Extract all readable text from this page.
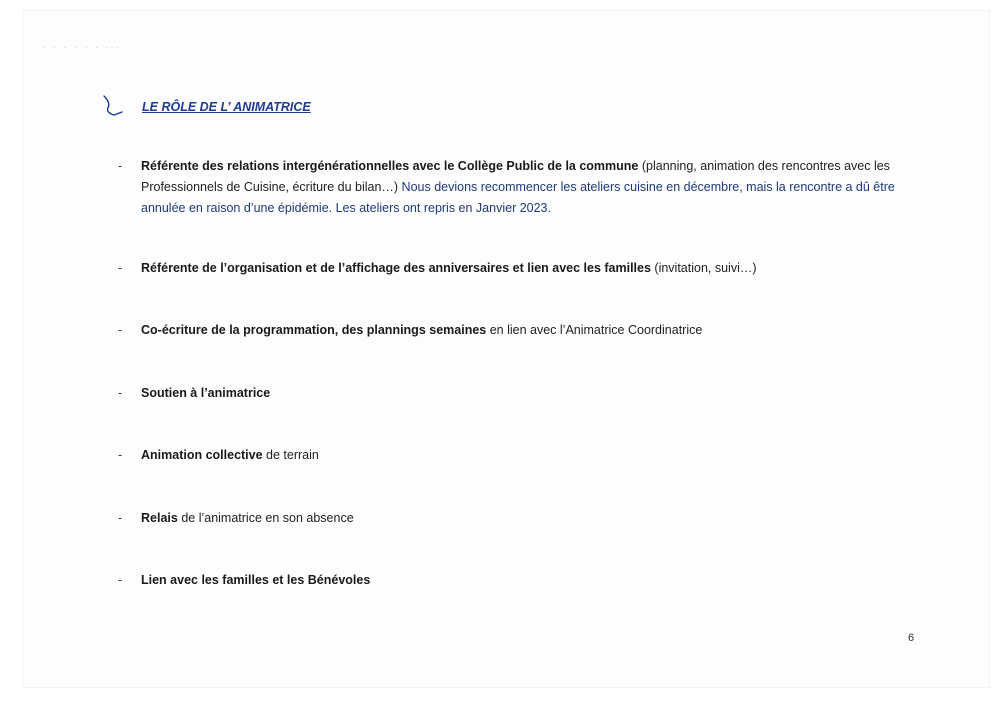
. . . . . . . .
LE RÔLE DE L’ ANIMATRICE
-	Référente des relations intergénérationnelles avec le Collège Public de la commune (planning, animation des rencontres avec les Professionnels de Cuisine, écriture du bilan…) Nous devions recommencer les ateliers cuisine en décembre, mais la rencontre a dû être annulée en raison d’une épidémie. Les ateliers ont repris en Janvier 2023.
-	Référente de l’organisation et de l’affichage des anniversaires et lien avec les familles (invitation, suivi…)
-	Co-écriture de la programmation, des plannings semaines en lien avec l’Animatrice Coordinatrice
-	Soutien à l’animatrice
-	Animation collective de terrain
-	Relais de l’animatrice en son absence
-	Lien avec les familles et les Bénévoles
6
